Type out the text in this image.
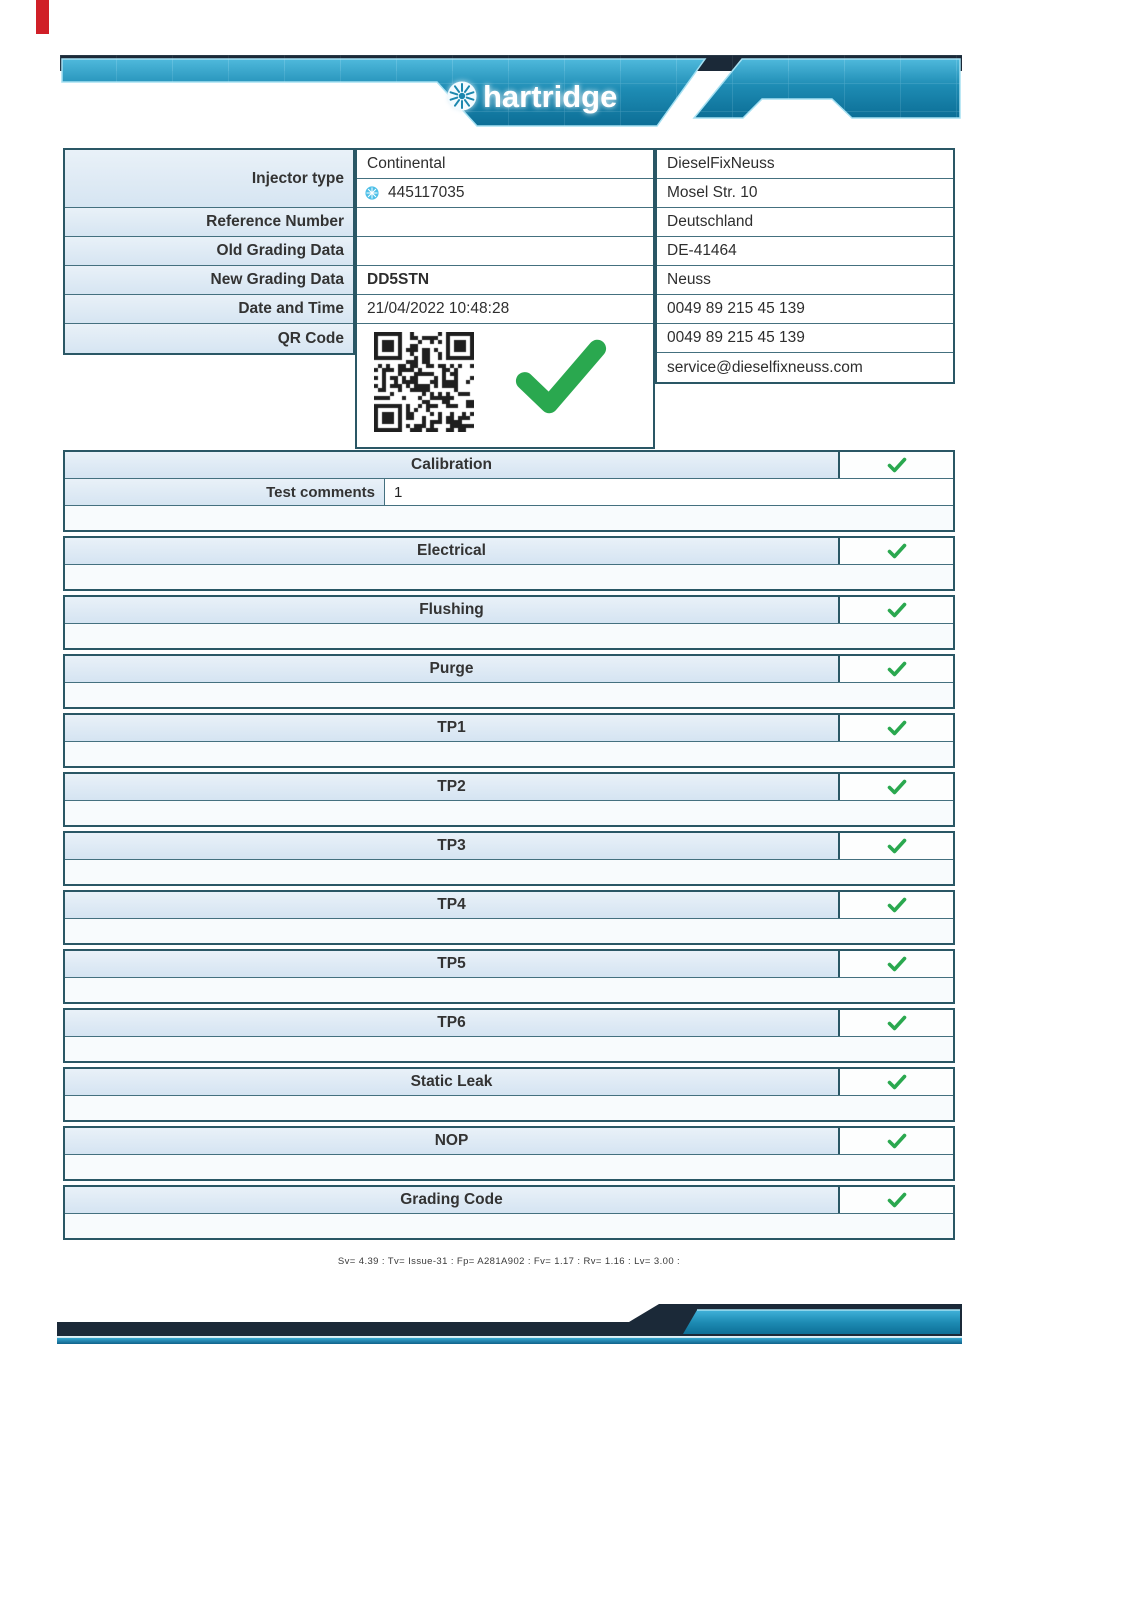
Injector type
Reference Number
Old Grading Data
New Grading Data
Date and Time
QR Code
Continental
445117035
DD5STN
21/04/2022 10:48:28
DieselFixNeuss
Mosel Str. 10
Deutschland
DE-41464
Neuss
0049 89 215 45 139
0049 89 215 45 139
service@dieselfixneuss.com
Calibration
Test comments	1
Electrical
Flushing
Purge
TP1
TP2
TP3
TP4
TP5
TP6
Static Leak
NOP
Grading Code
Sv= 4.39 : Tv= Issue-31 : Fp= A281A902 : Fv= 1.17 : Rv= 1.16 : Lv= 3.00 :
